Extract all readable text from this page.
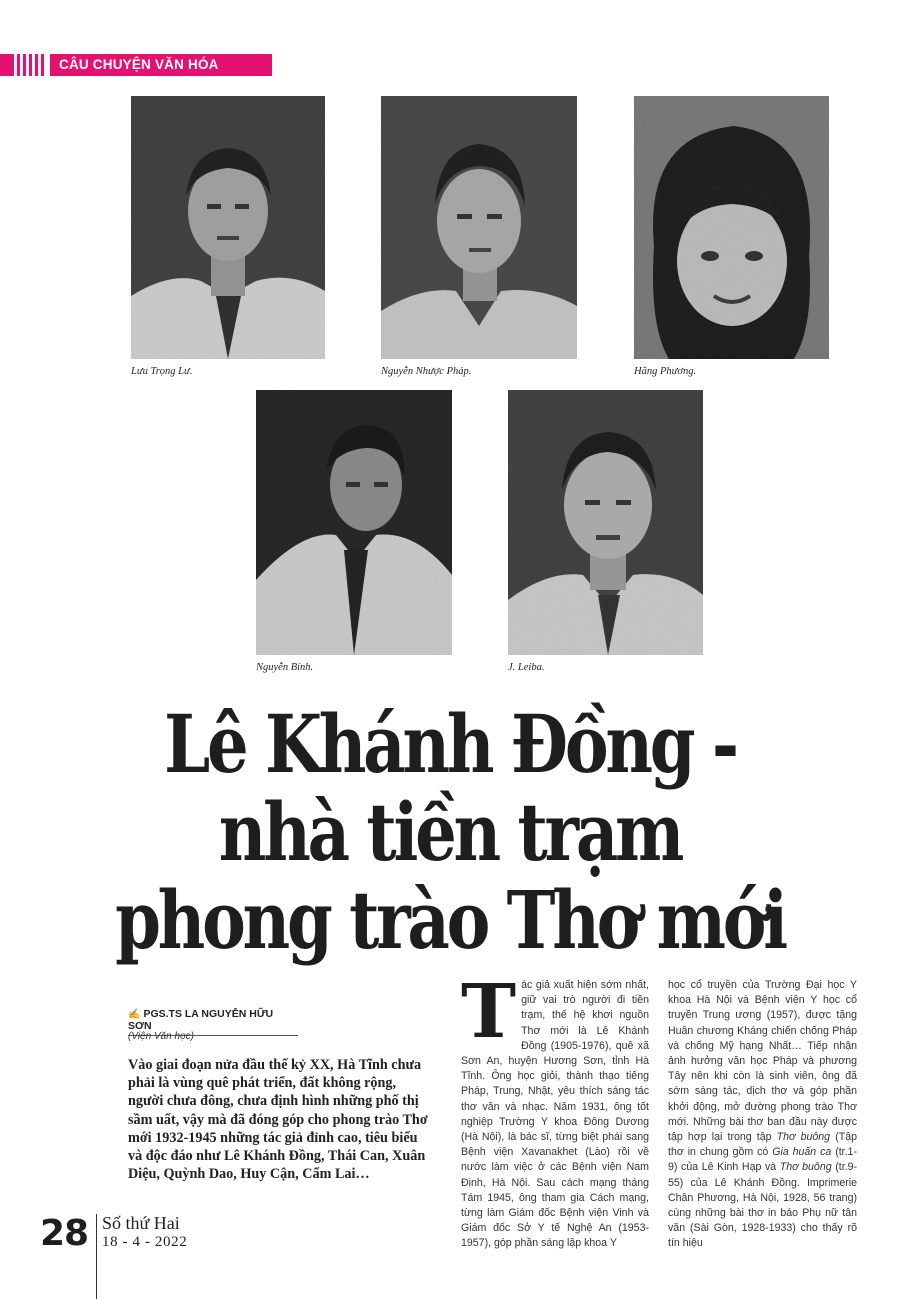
CÂU CHUYỆN VĂN HÓA
Lưu Trọng Lư.	Nguyễn Nhược Pháp.	Hằng Phương.
Nguyễn Bính.	J. Leiba.
Lê Khánh Đồng -
nhà tiền trạm
phong trào Thơ mới
✍ PGS.TS LA NGUYỄN HỮU SƠN
(Viện Văn học)
Vào giai đoạn nửa đầu thế kỷ XX, Hà Tĩnh chưa phải là vùng quê phát triển, đất không rộng, người chưa đông, chưa định hình những phố thị sầm uất, vậy mà đã đóng góp cho phong trào Thơ mới 1932-1945 những tác giả đỉnh cao, tiêu biểu và độc đáo như Lê Khánh Đồng, Thái Can, Xuân Diệu, Quỳnh Dao, Huy Cận, Cẩm Lai…
Tác giả xuất hiện sớm nhất, giữ vai trò người đi tiền trạm, thế hệ khơi nguồn Thơ mới là Lê Khánh Đồng (1905-1976), quê xã Sơn An, huyện Hương Sơn, tỉnh Hà Tĩnh. Ông học giỏi, thành thạo tiếng Pháp, Trung, Nhật, yêu thích sáng tác thơ văn và nhạc. Năm 1931, ông tốt nghiệp Trường Y khoa Đông Dương (Hà Nội), là bác sĩ, từng biệt phái sang Bệnh viện Xavanakhet (Lào) rồi về nước làm việc ở các Bệnh viện Nam Định, Hà Nội. Sau cách mạng tháng Tám 1945, ông tham gia Cách mạng, từng làm Giám đốc Bệnh viện Vinh và Giám đốc Sở Y tế Nghệ An (1953-1957), góp phần sáng lập khoa Y
học cổ truyền của Trường Đại học Y khoa Hà Nội và Bệnh viện Y học cổ truyền Trung ương (1957), được tặng Huân chương Kháng chiến chống Pháp và chống Mỹ hạng Nhất… Tiếp nhận ảnh hưởng văn học Pháp và phương Tây nên khi còn là sinh viên, ông đã sớm sáng tác, dịch thơ và góp phần khởi động, mở đường phong trào Thơ mới. Những bài thơ ban đầu này được tập hợp lại trong tập Thơ buông (Tập thơ in chung gồm có Gia huấn ca (tr.1-9) của Lê Kinh Hạp và Thơ buông (tr.9-55) của Lê Khánh Đồng. Imprimerie Chân Phương, Hà Nội, 1928, 56 trang) cùng những bài thơ in báo Phụ nữ tân văn (Sài Gòn, 1928-1933) cho thấy rõ tín hiệu
28 Số thứ Hai
18 - 4 - 2022
